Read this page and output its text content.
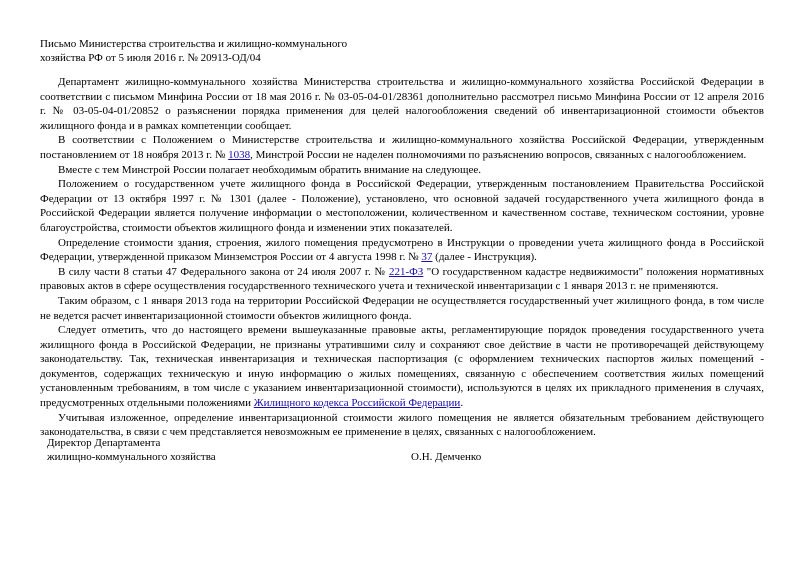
Письмо Министерства строительства и жилищно-коммунального
хозяйства РФ от 5 июля 2016 г. № 20913-ОД/04

Департамент жилищно-коммунального хозяйства Министерства строительства и жилищно-коммунального хозяйства Российской Федерации в соответствии с письмом Минфина России от 18 мая 2016 г. № 03-05-04-01/28361 дополнительно рассмотрел письмо Минфина России от 12 апреля 2016 г. № 03-05-04-01/20852 о разъяснении порядка применения для целей налогообложения сведений об инвентаризационной стоимости объектов жилищного фонда и в рамках компетенции сообщает.

В соответствии с Положением о Министерстве строительства и жилищно-коммунального хозяйства Российской Федерации, утвержденным постановлением от 18 ноября 2013 г. № 1038, Минстрой России не наделен полномочиями по разъяснению вопросов, связанных с налогообложением.

Вместе с тем Минстрой России полагает необходимым обратить внимание на следующее.

Положением о государственном учете жилищного фонда в Российской Федерации, утвержденным постановлением Правительства Российской Федерации от 13 октября 1997 г. № 1301 (далее - Положение), установлено, что основной задачей государственного учета жилищного фонда в Российской Федерации является получение информации о местоположении, количественном и качественном составе, техническом состоянии, уровне благоустройства, стоимости объектов жилищного фонда и изменении этих показателей.

Определение стоимости здания, строения, жилого помещения предусмотрено в Инструкции о проведении учета жилищного фонда в Российской Федерации, утвержденной приказом Минземстроя России от 4 августа 1998 г. № 37 (далее - Инструкция).

В силу части 8 статьи 47 Федерального закона от 24 июля 2007 г. № 221-ФЗ "О государственном кадастре недвижимости" положения нормативных правовых актов в сфере осуществления государственного технического учета и технической инвентаризации с 1 января 2013 г. не применяются.

Таким образом, с 1 января 2013 года на территории Российской Федерации не осуществляется государственный учет жилищного фонда, в том числе не ведется расчет инвентаризационной стоимости объектов жилищного фонда.

Следует отметить, что до настоящего времени вышеуказанные правовые акты, регламентирующие порядок проведения государственного учета жилищного фонда в Российской Федерации, не признаны утратившими силу и сохраняют свое действие в части не противоречащей действующему законодательству. Так, техническая инвентаризация и техническая паспортизация (с оформлением технических паспортов жилых помещений - документов, содержащих техническую и иную информацию о жилых помещениях, связанную с обеспечением соответствия жилых помещений установленным требованиям, в том числе с указанием инвентаризационной стоимости), используются в целях их прикладного применения в случаях, предусмотренных отдельными положениями Жилищного кодекса Российской Федерации.

Учитывая изложенное, определение инвентаризационной стоимости жилого помещения не является обязательным требованием действующего законодательства, в связи с чем представляется невозможным ее применение в целях, связанных с налогообложением.

Директор Департамента
жилищно-коммунального хозяйства	О.Н. Демченко
